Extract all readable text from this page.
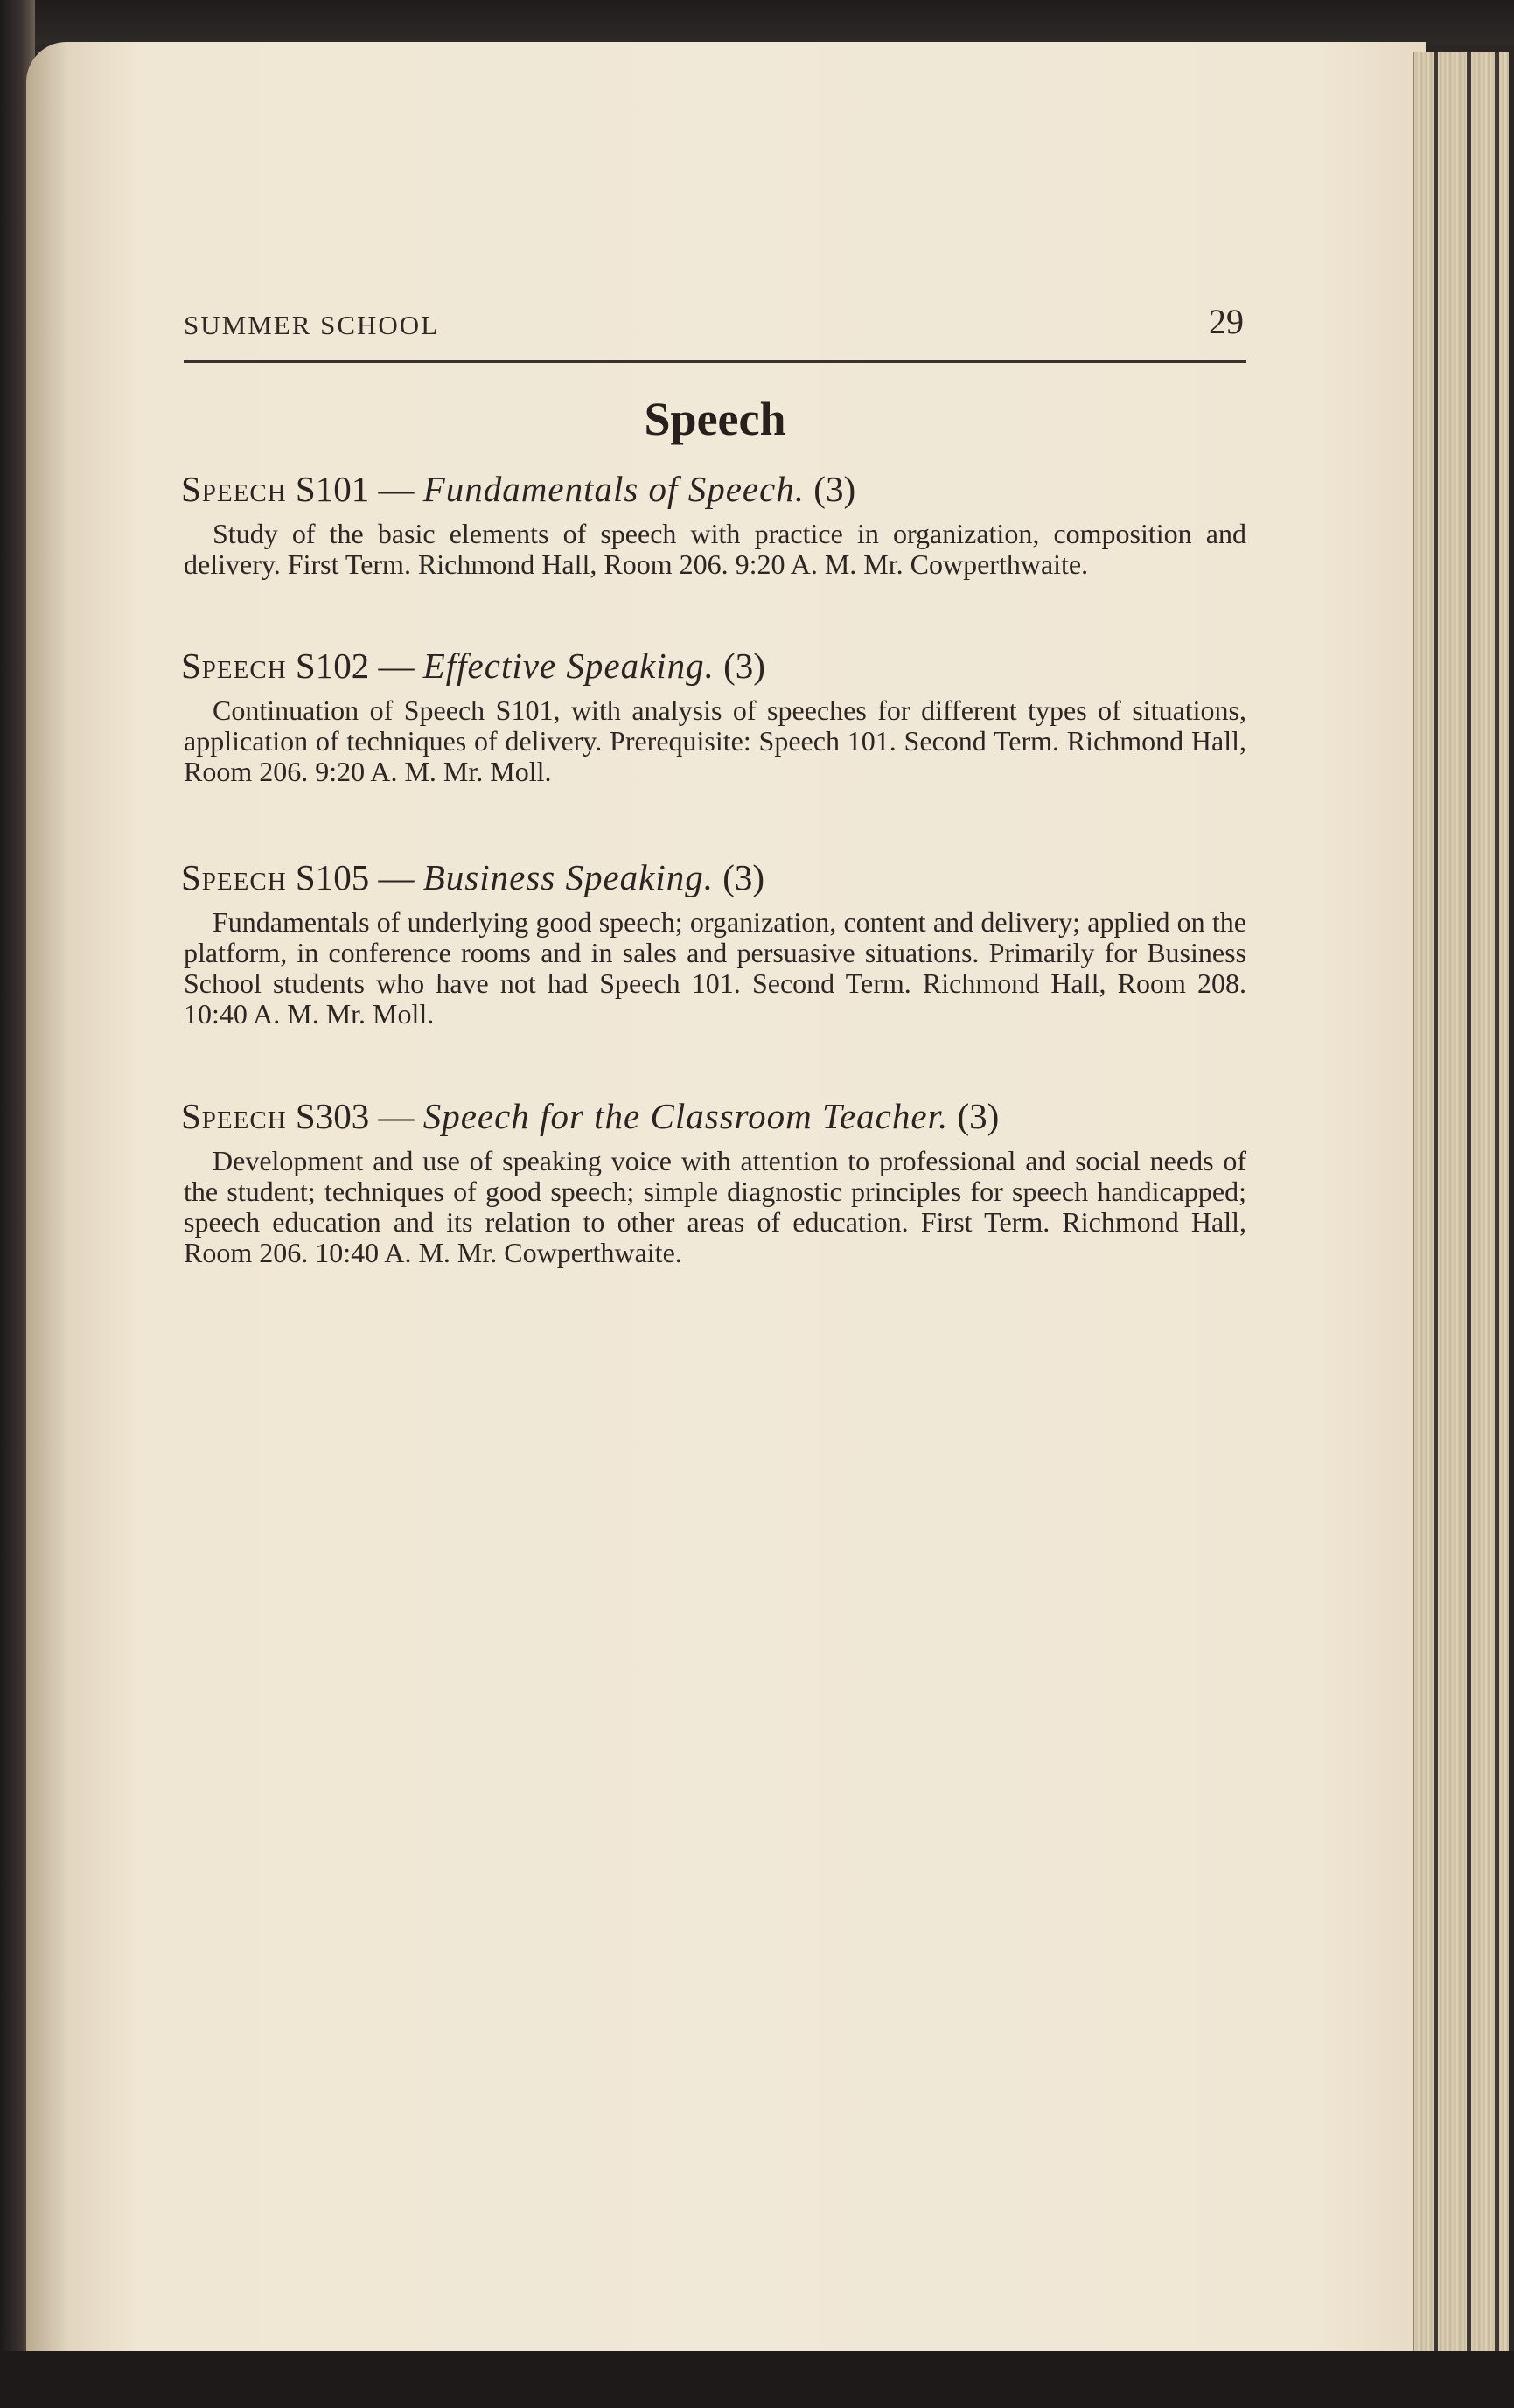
SUMMER SCHOOL	29
Speech
Speech S101 — Fundamentals of Speech. (3)

Study of the basic elements of speech with practice in organization, composition and delivery. First Term. Richmond Hall, Room 206. 9:20 A. M. Mr. Cowperthwaite.

Speech S102 — Effective Speaking. (3)

Continuation of Speech S101, with analysis of speeches for different types of situations, application of techniques of delivery. Prerequisite: Speech 101. Second Term. Richmond Hall, Room 206. 9:20 A. M. Mr. Moll.

Speech S105 — Business Speaking. (3)

Fundamentals of underlying good speech; organization, content and delivery; applied on the platform, in conference rooms and in sales and persuasive situations. Primarily for Business School students who have not had Speech 101. Second Term. Richmond Hall, Room 208. 10:40 A. M. Mr. Moll.

Speech S303 — Speech for the Classroom Teacher. (3)

Development and use of speaking voice with attention to professional and social needs of the student; techniques of good speech; simple diagnostic principles for speech handicapped; speech education and its relation to other areas of education. First Term. Richmond Hall, Room 206. 10:40 A. M. Mr. Cowperthwaite.
